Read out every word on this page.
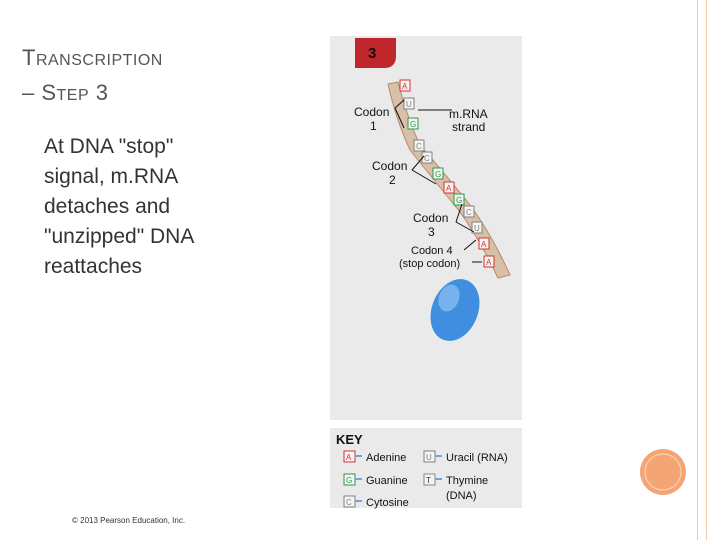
TRANSCRIPTION
– STEP 3
At DNA "stop" signal, m.RNA detaches and "unzipped" DNA reattaches
3
A
U
G
C
C
G
A
G
C
U
A
A
Codon
1
m.RNA
strand
Codon
2
Codon
3
Codon 4
(stop codon)
KEY
A Adenine
G Guanine
C Cytosine
U Uracil (RNA)
T Thymine
(DNA)
© 2013 Pearson Education, Inc.
